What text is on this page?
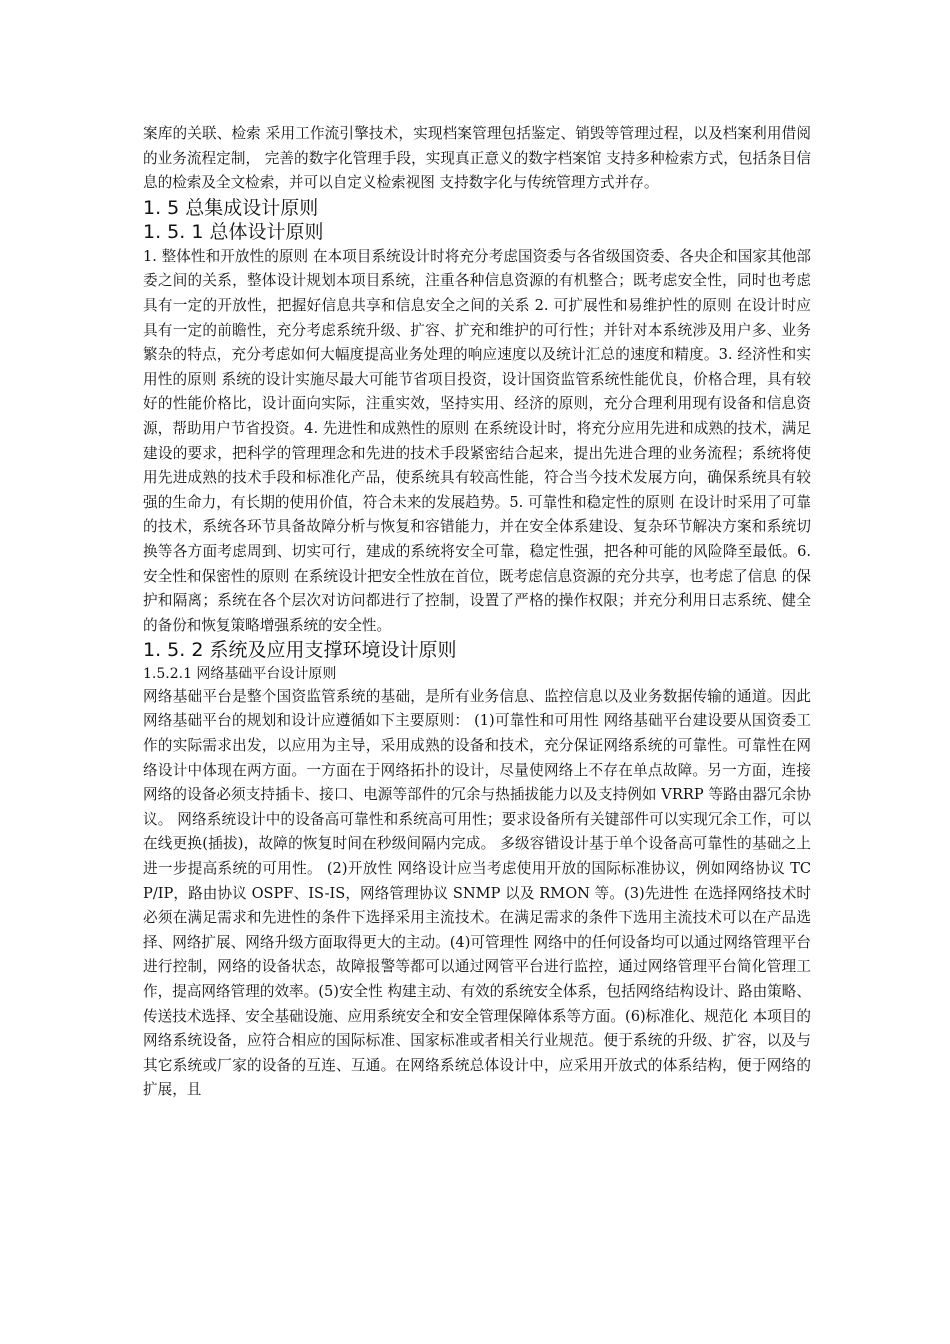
案库的关联、检索 采用工作流引擎技术，实现档案管理包括鉴定、销毁等管理过程，以及档案利用借阅的业务流程定制， 完善的数字化管理手段，实现真正意义的数字档案馆 支持多种检索方式，包括条目信息的检索及全文检索，并可以自定义检索视图 支持数字化与传统管理方式并存。

1. 5 总集成设计原则
1. 5. 1 总体设计原则

1. 整体性和开放性的原则 在本项目系统设计时将充分考虑国资委与各省级国资委、各央企和国家其他部委之间的关系，整体设计规划本项目系统，注重各种信息资源的有机整合；既考虑安全性，同时也考虑具有一定的开放性，把握好信息共享和信息安全之间的关系 2. 可扩展性和易维护性的原则 在设计时应具有一定的前瞻性，充分考虑系统升级、扩容、扩充和维护的可行性；并针对本系统涉及用户多、业务繁杂的特点，充分考虑如何大幅度提高业务处理的响应速度以及统计汇总的速度和精度。3. 经济性和实用性的原则 系统的设计实施尽最大可能节省项目投资，设计国资监管系统性能优良，价格合理，具有较好的性能价格比，设计面向实际，注重实效，坚持实用、经济的原则，充分合理利用现有设备和信息资源，帮助用户节省投资。4. 先进性和成熟性的原则 在系统设计时，将充分应用先进和成熟的技术，满足建设的要求，把科学的管理理念和先进的技术手段紧密结合起来，提出先进合理的业务流程；系统将使用先进成熟的技术手段和标准化产品，使系统具有较高性能，符合当今技术发展方向，确保系统具有较强的生命力，有长期的使用价值，符合未来的发展趋势。5. 可靠性和稳定性的原则 在设计时采用了可靠的技术，系统各环节具备故障分析与恢复和容错能力，并在安全体系建设、复杂环节解决方案和系统切换等各方面考虑周到、切实可行，建成的系统将安全可靠，稳定性强，把各种可能的风险降至最低。6. 安全性和保密性的原则 在系统设计把安全性放在首位，既考虑信息资源的充分共享，也考虑了信息 的保护和隔离；系统在各个层次对访问都进行了控制，设置了严格的操作权限；并充分利用日志系统、健全的备份和恢复策略增强系统的安全性。

1. 5. 2 系统及应用支撑环境设计原则
1.5.2.1 网络基础平台设计原则

网络基础平台是整个国资监管系统的基础，是所有业务信息、监控信息以及业务数据传输的通道。因此网络基础平台的规划和设计应遵循如下主要原则： (1)可靠性和可用性 网络基础平台建设要从国资委工作的实际需求出发，以应用为主导，采用成熟的设备和技术，充分保证网络系统的可靠性。可靠性在网络设计中体现在两方面。一方面在于网络拓扑的设计，尽量使网络上不存在单点故障。另一方面，连接网络的设备必须支持插卡、接口、电源等部件的冗余与热插拔能力以及支持例如 VRRP 等路由器冗余协议。 网络系统设计中的设备高可靠性和系统高可用性；要求设备所有关键部件可以实现冗余工作，可以在线更换(插拔)，故障的恢复时间在秒级间隔内完成。 多级容错设计基于单个设备高可靠性的基础之上进一步提高系统的可用性。 (2)开放性 网络设计应当考虑使用开放的国际标准协议，例如网络协议 TCP/IP，路由协议 OSPF、IS-IS，网络管理协议 SNMP 以及 RMON 等。(3)先进性 在选择网络技术时必须在满足需求和先进性的条件下选择采用主流技术。在满足需求的条件下选用主流技术可以在产品选择、网络扩展、网络升级方面取得更大的主动。(4)可管理性 网络中的任何设备均可以通过网络管理平台进行控制，网络的设备状态，故障报警等都可以通过网管平台进行监控，通过网络管理平台简化管理工作，提高网络管理的效率。(5)安全性 构建主动、有效的系统安全体系，包括网络结构设计、路由策略、传送技术选择、安全基础设施、应用系统安全和安全管理保障体系等方面。(6)标准化、规范化 本项目的网络系统设备，应符合相应的国际标准、国家标准或者相关行业规范。便于系统的升级、扩容，以及与其它系统或厂家的设备的互连、互通。在网络系统总体设计中，应采用开放式的体系结构，便于网络的扩展，且
